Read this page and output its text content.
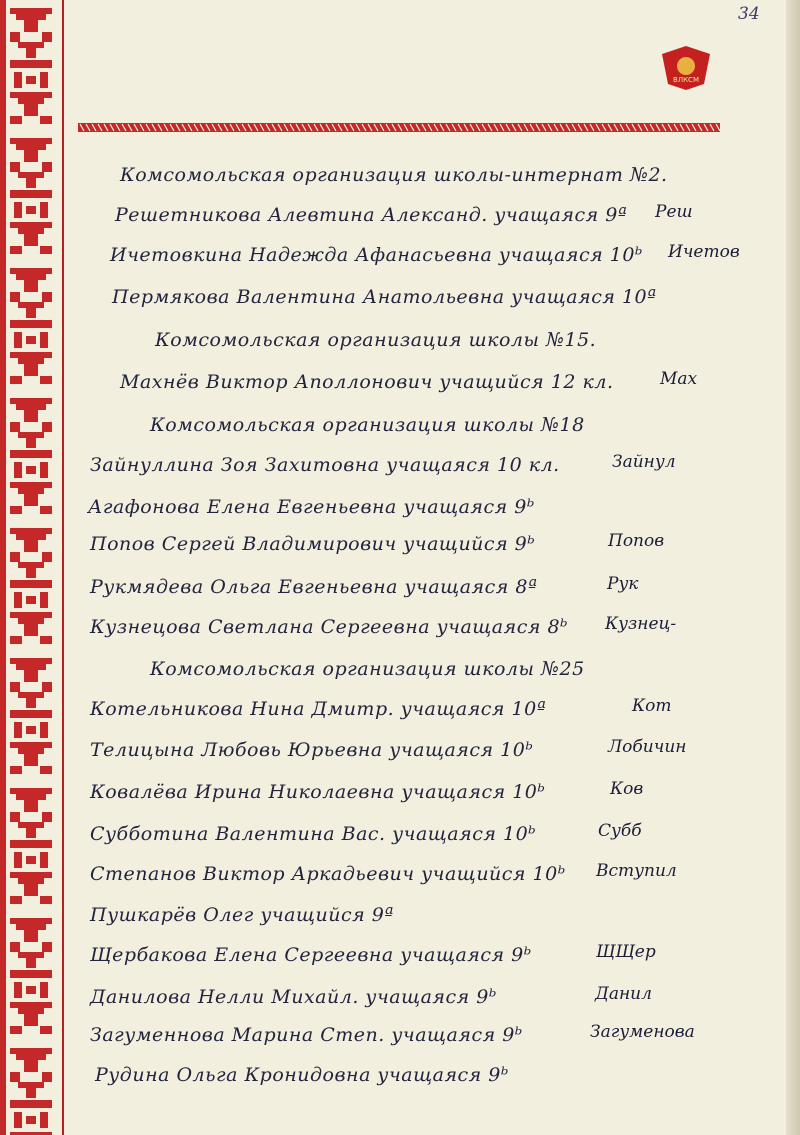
34
ВЛКСМ
Комсомольская организация школы-интернат №2.
Решетникова Алевтина Александ. учащаяся 9ª Реш
Ичетовкина Надежда Афанасьевна учащаяся 10ᵇ Ичетов
Пермякова Валентина Анатольевна учащаяся 10ª
Комсомольская организация школы №15.
Махнёв Виктор Аполлонович учащийся 12 кл.	Мах
Комсомольская организация школы №18
Зайнуллина Зоя Захитовна учащаяся 10 кл.	Зайнул
Агафонова Елена Евгеньевна учащаяся 9ᵇ
Попов Сергей Владимирович учащийся 9ᵇ	Попов
Рукмядева Ольга Евгеньевна учащаяся 8ª	Рук
Кузнецова Светлана Сергеевна учащаяся 8ᵇ Кузнец-
Комсомольская организация школы №25
Котельникова Нина Дмитр. учащаяся 10ª	Кот
Телицына Любовь Юрьевна учащаяся 10ᵇ	Лобичин
Ковалёва Ирина Николаевна учащаяся 10ᵇ	Ков
Субботина Валентина Вас. учащаяся 10ᵇ	Субб
Степанов Виктор Аркадьевич учащийся 10ᵇ Вступил
Пушкарёв Олег учащийся 9ª
Щербакова Елена Сергеевна учащаяся 9ᵇ	ЩЩер
Данилова Нелли Михайл. учащаяся 9ᵇ	Данил
Загуменнова Марина Степ. учащаяся 9ᵇ	Загуменова
Рудина Ольга Кронидовна учащаяся 9ᵇ
